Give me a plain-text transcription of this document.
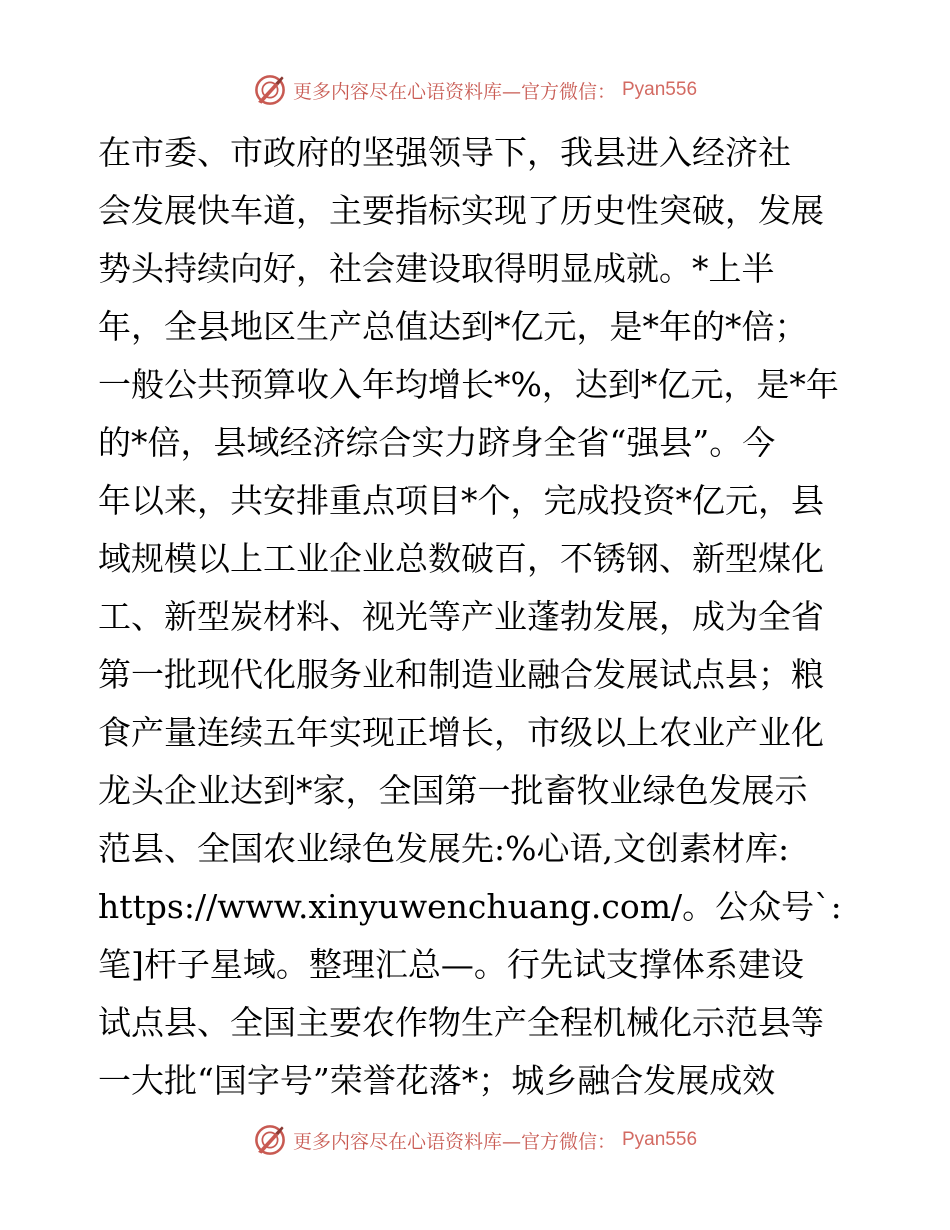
更多内容尽在心语资料库—官方微信： Pyan556
在市委、市政府的坚强领导下，我县进入经济社
会发展快车道，主要指标实现了历史性突破，发展
势头持续向好，社会建设取得明显成就。*上半
年，全县地区生产总值达到*亿元，是*年的*倍；
一般公共预算收入年均增长*%，达到*亿元，是*年
的*倍，县域经济综合实力跻身全省“强县”。今
年以来，共安排重点项目*个，完成投资*亿元，县
域规模以上工业企业总数破百，不锈钢、新型煤化
工、新型炭材料、视光等产业蓬勃发展，成为全省
第一批现代化服务业和制造业融合发展试点县；粮
食产量连续五年实现正增长，市级以上农业产业化
龙头企业达到*家，全国第一批畜牧业绿色发展示
范县、全国农业绿色发展先:%心语,文创素材库:
https://www.xinyuwenchuang.com/。公众号`:
笔]杆子星域。整理汇总—。行先试支撑体系建设
试点县、全国主要农作物生产全程机械化示范县等
一大批“国字号”荣誉花落*；城乡融合发展成效
更多内容尽在心语资料库—官方微信： Pyan556
